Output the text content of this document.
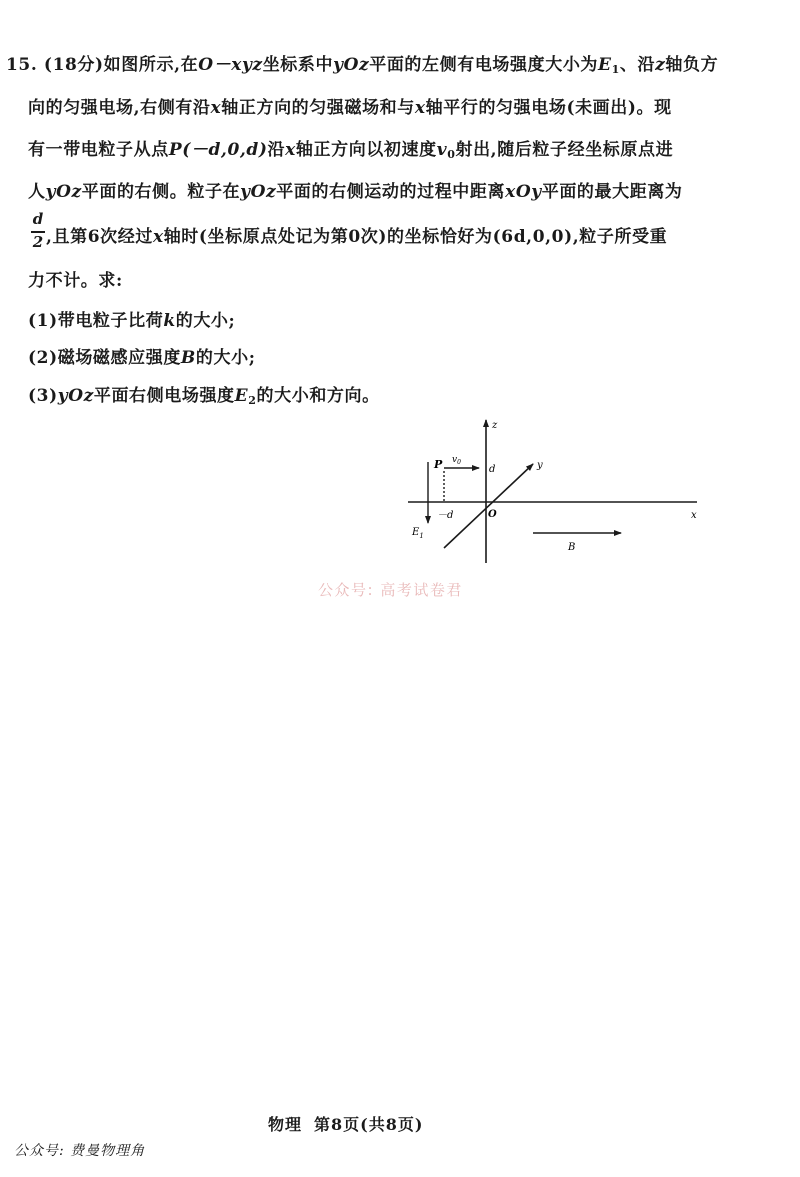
15. (18分)如图所示,在O－xyz坐标系中yOz平面的左侧有电场强度大小为$E_1$、沿z轴负方
向的匀强电场,右侧有沿x轴正方向的匀强磁场和与x轴平行的匀强电场(未画出)。现
有一带电粒子从点P(－d,0,d)沿x轴正方向以初速度$v_0$射出,随后粒子经坐标原点进
人yOz平面的右侧。粒子在yOz平面的右侧运动的过程中距离xOy平面的最大距离为
d
2 ,且第6次经过x轴时(坐标原点处记为第0次)的坐标恰好为(6d,0,0),粒子所受重
力不计。求:
(1)带电粒子比荷k的大小;
(2)磁场磁感应强度B的大小;
(3)yOz平面右侧电场强度$E_2$的大小和方向。
z
x
y
P $v_0$
d
－d	O
$E_1$
B
公众号: 高考试卷君
物理 第8页(共8页)
公众号: 费曼物理角
